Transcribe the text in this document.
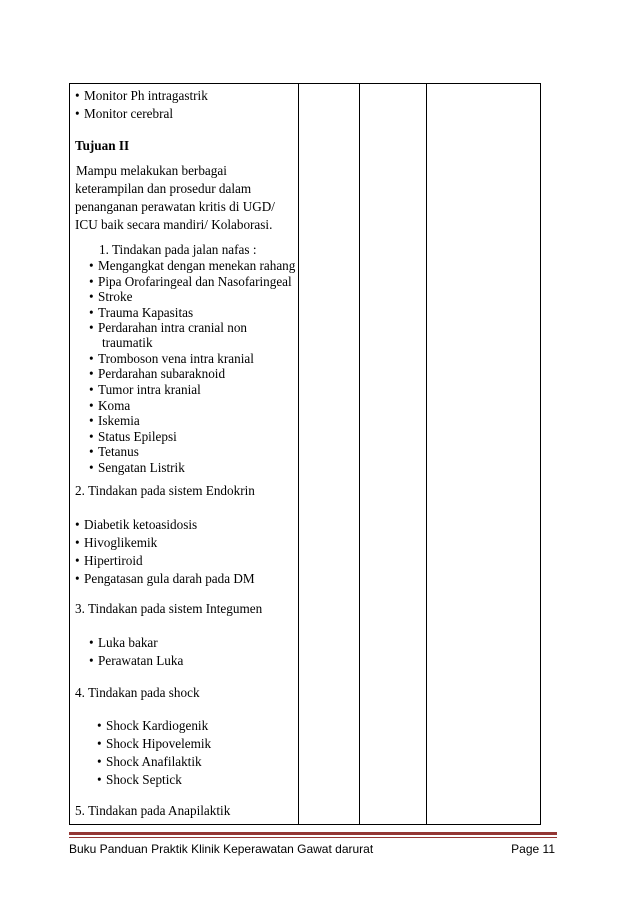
• Monitor Ph intragastrik
• Monitor cerebral
Tujuan II
Mampu melakukan berbagai
keterampilan dan prosedur dalam
penanganan perawatan kritis di UGD/
ICU baik secara mandiri/ Kolaborasi.
1. Tindakan pada jalan nafas :
• Mengangkat dengan menekan rahang
• Pipa Orofaringeal dan Nasofaringeal
• Stroke
• Trauma Kapasitas
• Perdarahan intra cranial non
traumatik
• Tromboson vena intra kranial
• Perdarahan subaraknoid
• Tumor intra kranial
• Koma
• Iskemia
• Status Epilepsi
• Tetanus
• Sengatan Listrik
2. Tindakan pada sistem Endokrin
• Diabetik ketoasidosis
• Hivoglikemik
• Hipertiroid
• Pengatasan gula darah pada DM
3. Tindakan pada sistem Integumen
• Luka bakar
• Perawatan Luka
4. Tindakan pada shock
• Shock Kardiogenik
• Shock Hipovelemik
• Shock Anafilaktik
• Shock Septick
5. Tindakan pada Anapilaktik
Buku Panduan Praktik Klinik Keperawatan Gawat darurat	Page 11
